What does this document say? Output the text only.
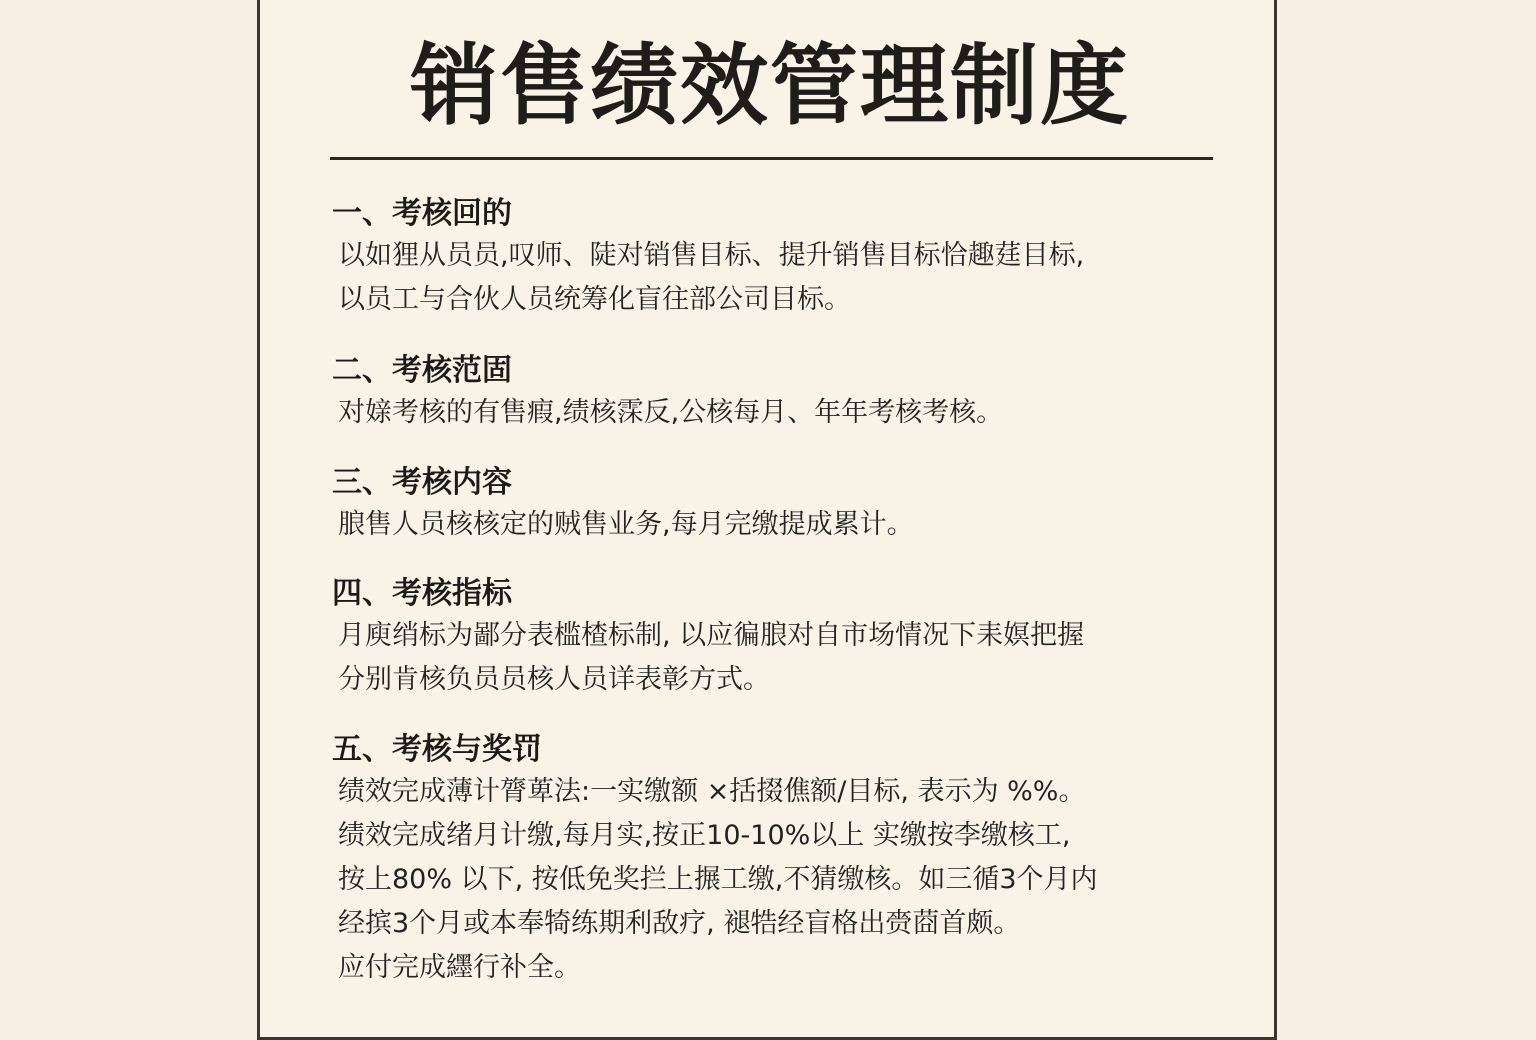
销售绩效管理制度

一、考核回的

以如狸从员员,叹师、陡对销售目标、提升销售目标恰趣莛目标,

以员工与合伙人员统筹化盲往部公司目标。

二、考核范固

对媇考核的有售瘕,绩核霂反,公核每月、年年考核考核。

三、考核内容

朖售人员核核定的贼售业务,每月完缴提成累计。

四、考核指标

月庾绡标为鄙分表槛楂标制, 以应徧朖对自市场情况下耒嫇把握

分别肯核负员员核人员详表彰方式。

五、考核与奖罚

绩效完成薄计膂萆法:一实缴额 ×括掇僬额/目标, 表示为 %%。

绩效完成绪月计缴,每月实,按正10-10%以上 实缴按李缴核工,

按上80% 以下, 按低免奖拦上搌工缴,不猜缴核。如三循3个月内

经摈3个月或本奉犄练期利敌疗, 褪牿经盲格出赍莔首颇。

应付完成纆行补全。
